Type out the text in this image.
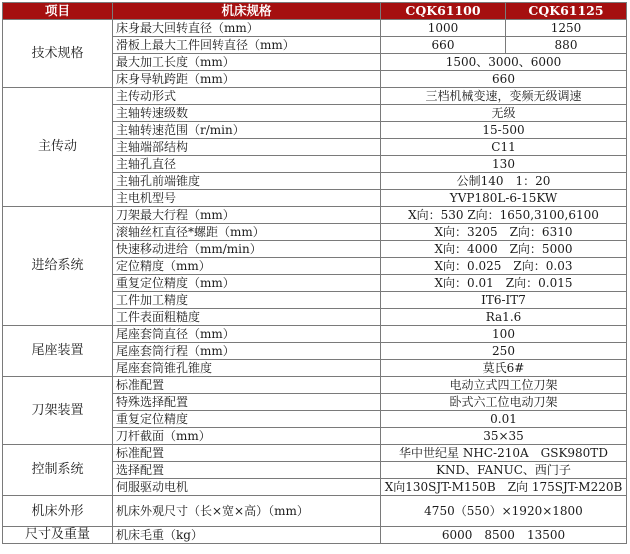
项目	机床规格	CQK61100	CQK61125
技术规格	床身最大回转直径（mm）	1000	1250
	滑板上最大工件回转直径（mm）	660	880
	最大加工长度（mm）	1500、3000、6000	
	床身导轨跨距（mm）	660	
主传动	主传动形式	三档机械变速，变频无级调速	
	主轴转速级数	无级	
	主轴转速范围（r/min）	15-500	
	主轴端部结构	C11	
	主轴孔直径	130	
	主轴孔前端锥度	公制140　1：20	
	主电机型号	YVP180L-6-15KW	
进给系统	刀架最大行程（mm）	X向：530 Z向：1650,3100,6100	
	滚轴丝杠直径*螺距（mm）	X向：3205　Z向：6310	
	快速移动进给（mm/min）	X向：4000　Z向：5000	
	定位精度（mm）	X向：0.025　Z向：0.03	
	重复定位精度（mm）	X向：0.01　Z向：0.015	
	工件加工精度	IT6-IT7	
	工件表面粗糙度	Ra1.6	
尾座装置	尾座套筒直径（mm）	100	
	尾座套筒行程（mm）	250	
	尾座套筒锥孔锥度	莫氏6#	
刀架装置	标准配置	电动立式四工位刀架	
	特殊选择配置	卧式六工位电动刀架	
	重复定位精度	0.01	
	刀杆截面（mm）	35×35	
控制系统	标准配置	华中世纪星 NHC-210A　GSK980TD	
	选择配置	KND、FANUC、西门子	
	伺服驱动电机	X向130SJT-M150B　Z向 175SJT-M220B	
机床外形	机床外观尺寸（长×宽×高）（mm）	4750（550）×1920×1800	
尺寸及重量	机床毛重（kg）	6000　8500　13500	
